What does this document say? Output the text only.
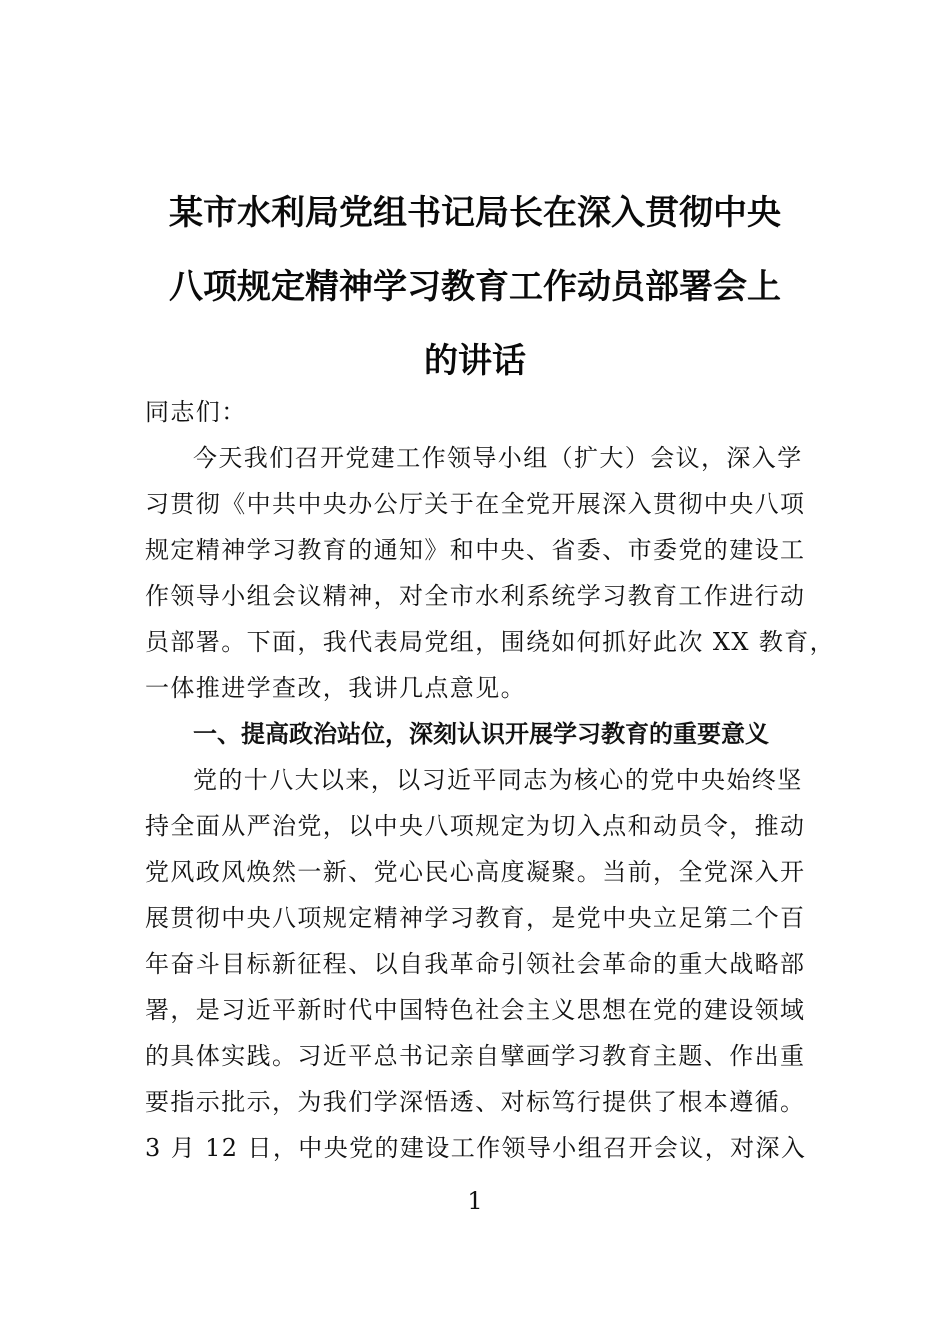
某市水利局党组书记局长在深入贯彻中央
八项规定精神学习教育工作动员部署会上
的讲话
同志们：
今天我们召开党建工作领导小组（扩大）会议，深入学
习贯彻《中共中央办公厅关于在全党开展深入贯彻中央八项
规定精神学习教育的通知》和中央、省委、市委党的建设工
作领导小组会议精神，对全市水利系统学习教育工作进行动
员部署。下面，我代表局党组，围绕如何抓好此次 XX 教育，
一体推进学查改，我讲几点意见。
一、提高政治站位，深刻认识开展学习教育的重要意义
党的十八大以来，以习近平同志为核心的党中央始终坚
持全面从严治党，以中央八项规定为切入点和动员令，推动
党风政风焕然一新、党心民心高度凝聚。当前，全党深入开
展贯彻中央八项规定精神学习教育，是党中央立足第二个百
年奋斗目标新征程、以自我革命引领社会革命的重大战略部
署，是习近平新时代中国特色社会主义思想在党的建设领域
的具体实践。习近平总书记亲自擘画学习教育主题、作出重
要指示批示，为我们学深悟透、对标笃行提供了根本遵循。
3 月 12 日，中央党的建设工作领导小组召开会议，对深入
1
